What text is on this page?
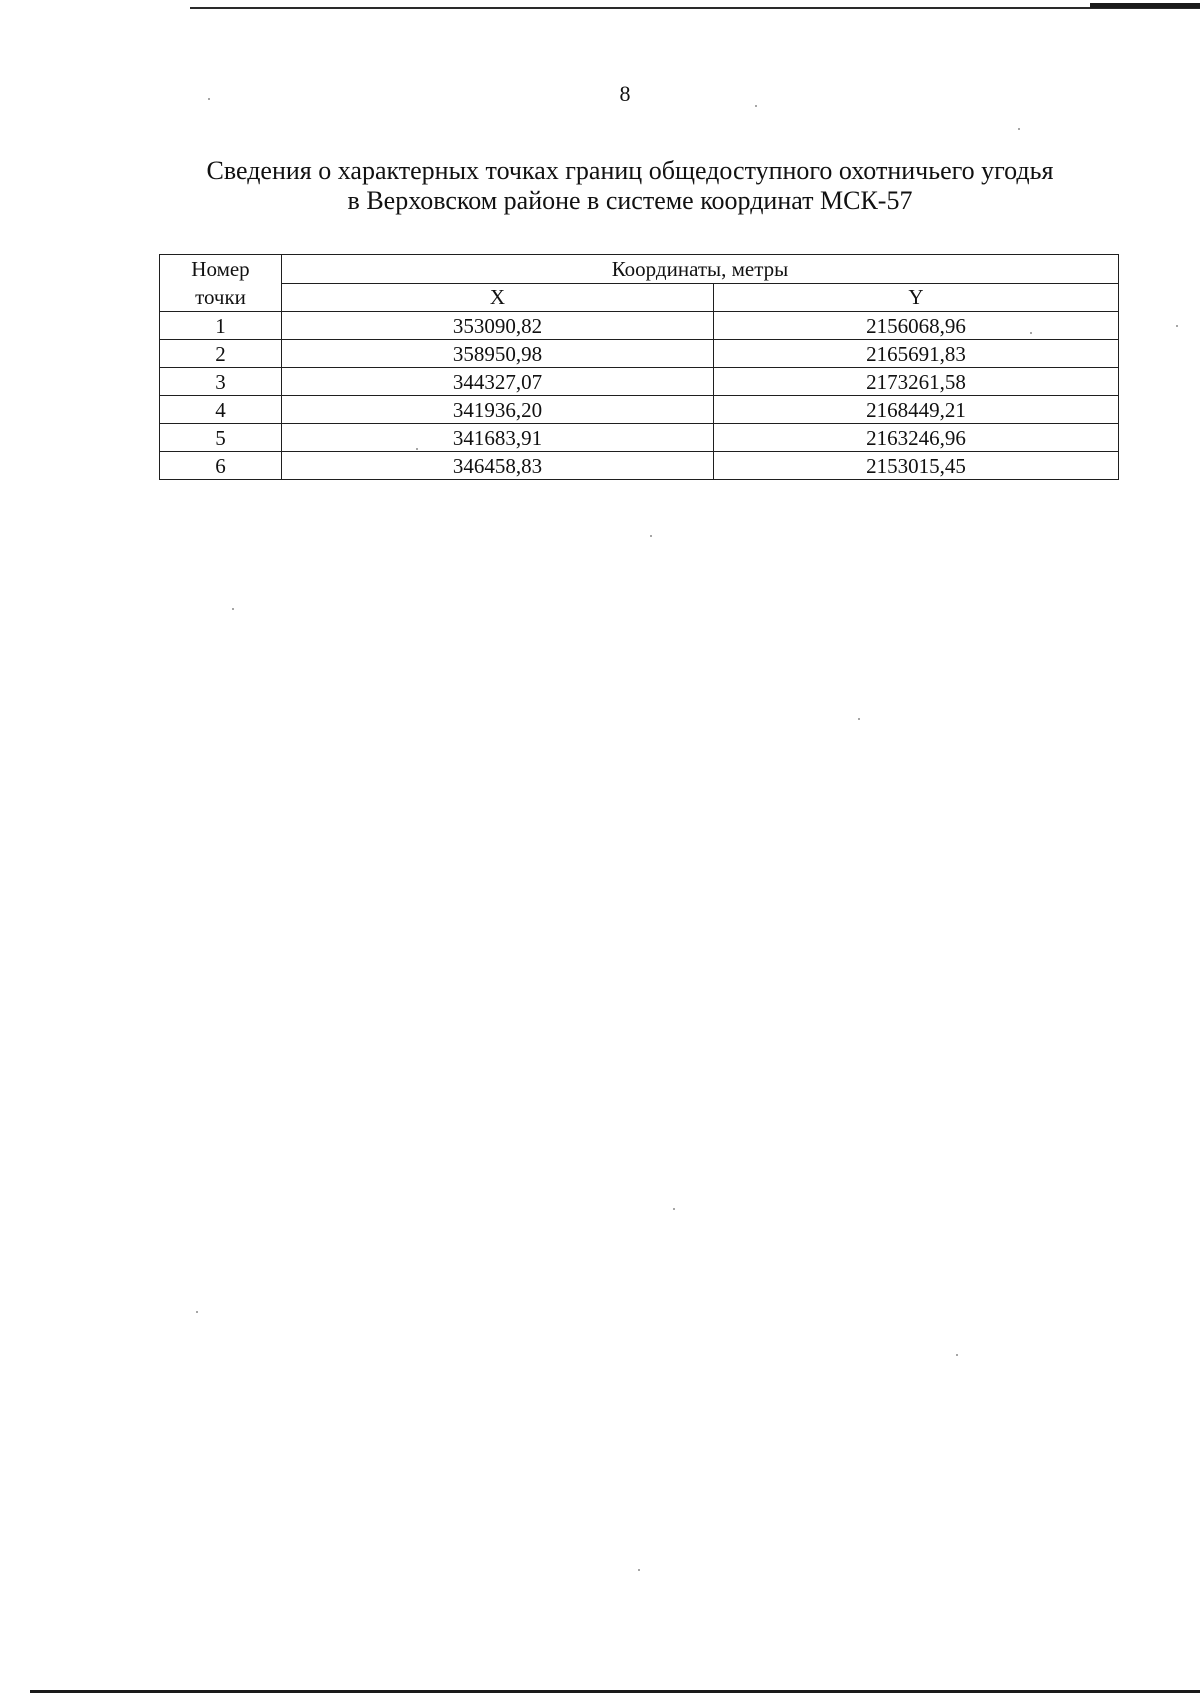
8
Сведения о характерных точках границ общедоступного охотничьего угодья
в Верховском районе в системе координат МСК-57
Номер
точки	Координаты, метры	
	X	Y
1	353090,82	2156068,96
2	358950,98	2165691,83
3	344327,07	2173261,58
4	341936,20	2168449,21
5	341683,91	2163246,96
6	346458,83	2153015,45
